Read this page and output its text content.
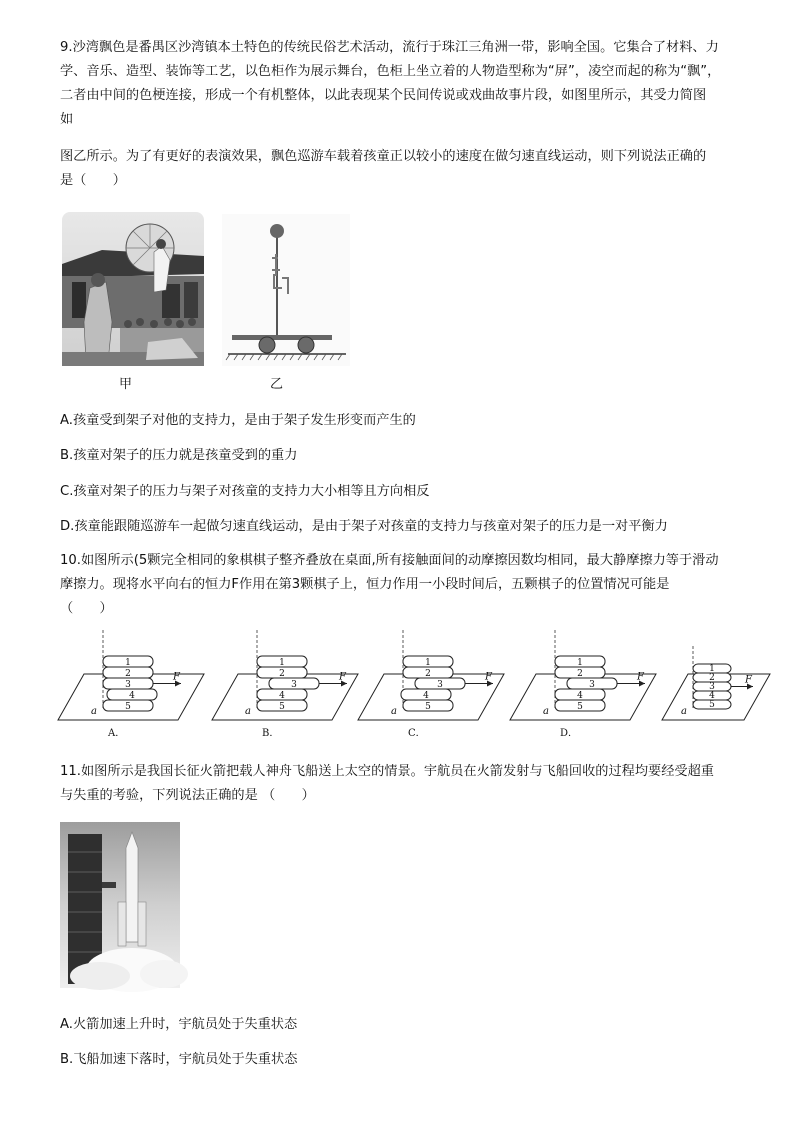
9.沙湾飘色是番禺区沙湾镇本土特色的传统民俗艺术活动，流行于珠江三角洲一带，影响全国。它集合了材料、力
学、音乐、造型、装饰等工艺，以色柜作为展示舞台，色柜上坐立着的人物造型称为“屏”，凌空而起的称为“飘”，
二者由中间的色梗连接，形成一个有机整体，以此表现某个民间传说或戏曲故事片段，如图里所示，其受力简图
如
图乙所示。为了有更好的表演效果，飘色巡游车载着孩童正以较小的速度在做匀速直线运动，则下列说法正确的
是（　　）
甲	乙
A.孩童受到架子对他的支持力，是由于架子发生形变而产生的
B.孩童对架子的压力就是孩童受到的重力
C.孩童对架子的压力与架子对孩童的支持力大小相等且方向相反
D.孩童能跟随巡游车一起做匀速直线运动，是由于架子对孩童的支持力与孩童对架子的压力是一对平衡力
10.如图所示(5颗完全相同的象棋棋子整齐叠放在桌面,所有接触面间的动摩擦因数均相同，最大静摩擦力等于滑动
摩擦力。现将水平向右的恒力F作用在第3颗棋子上，恒力作用一小段时间后，五颗棋子的位置情况可能是
（　　）
5
4
3
2
1
F
a
A．
5
4
3
2
1
F
a
B．
5
4
3
2
1
F
a
C．
5
4
3
2
1
F
a
D．
5
4
3
2
1
F
a
11.如图所示是我国长征火箭把载人神舟飞船送上太空的情景。宇航员在火箭发射与飞船回收的过程均要经受超重
与失重的考验，下列说法正确的是 （　　）
A.火箭加速上升时，宇航员处于失重状态
B.飞船加速下落时，宇航员处于失重状态
